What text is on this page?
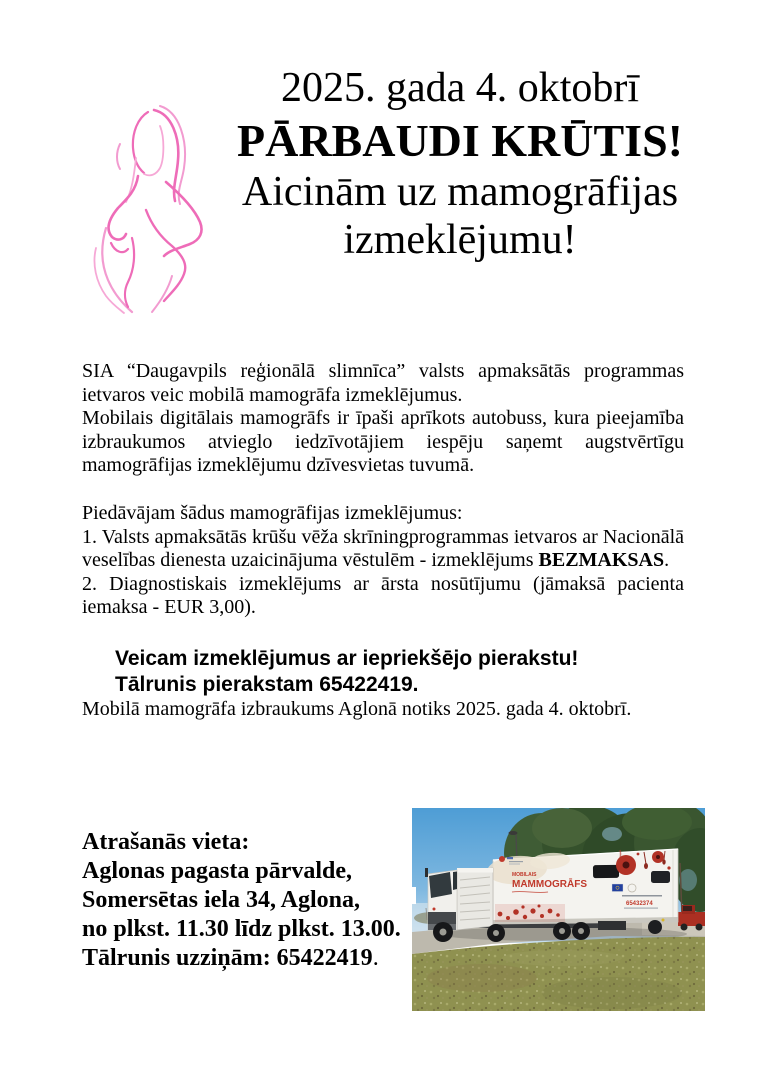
2025. gada 4. oktobrī
PĀRBAUDI KRŪTIS!
Aicinām uz mamogrāfijas
izmeklējumu!

SIA “Daugavpils reģionālā slimnīca” valsts apmaksātās programmas ietvaros veic mobilā mamogrāfa izmeklējumus.

Mobilais digitālais mamogrāfs ir īpaši aprīkots autobuss, kura pieejamība izbraukumos atvieglo iedzīvotājiem iespēju saņemt augstvērtīgu mamogrāfijas izmeklējumu dzīvesvietas tuvumā.

Piedāvājam šādus mamogrāfijas izmeklējumus:

1. Valsts apmaksātās krūšu vēža skrīningprogrammas ietvaros ar Nacionālā veselības dienesta uzaicinājuma vēstulēm - izmeklējums BEZMAKSAS.

2. Diagnostiskais izmeklējums ar ārsta nosūtījumu (jāmaksā pacienta iemaksa - EUR 3,00).

Veicam izmeklējumus ar iepriekšējo pierakstu!
Tālrunis pierakstam 65422419.

Mobilā mamogrāfa izbraukums Aglonā notiks 2025. gada 4. oktobrī.

Atrašanās vieta:
Aglonas pagasta pārvalde,
Somersētas iela 34, Aglona,
no plkst. 11.30 līdz plkst. 13.00.
Tālrunis uzziņām: 65422419.
MOBILAIS
MAMMOGRĀFS
65432374
